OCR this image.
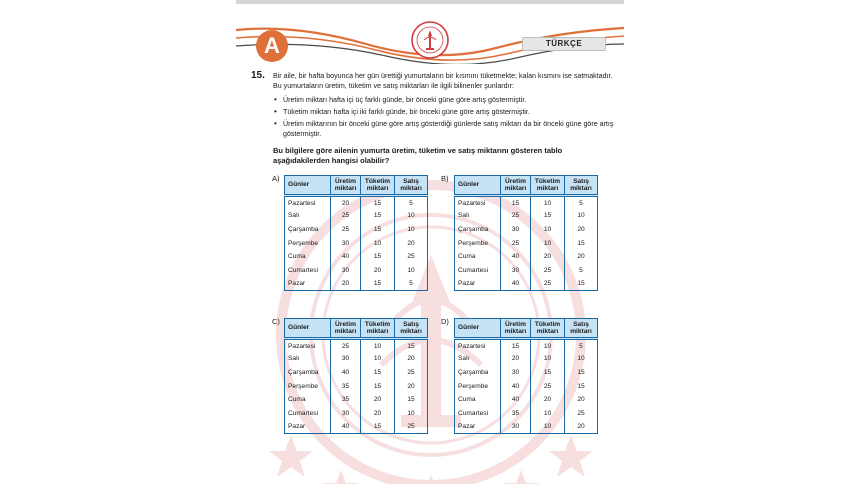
A	TÜRKÇE
15. Bir aile, bir hafta boyunca her gün ürettiği yumurtaların bir kısmını tüketmekte; kalan kısmını ise satmaktadır. Bu yumurtaların üretim, tüketim ve satış miktarları ile ilgili bilinenler şunlardır:

• Üretim miktarı hafta içi üç farklı günde, bir önceki güne göre artış göstermiştir.
• Tüketim miktarı hafta içi iki farklı günde, bir önceki güne göre artış göstermiştir.
• Üretim miktarının bir önceki güne göre artış gösterdiği günlerde satış miktarı da bir önceki güne göre artış göstermiştir.

Bu bilgilere göre ailenin yumurta üretim, tüketim ve satış miktarını gösteren tablo aşağıdakilerden hangisi olabilir?

A)
Günler	Üretim miktarı	Tüketim miktarı	Satış miktarı
Pazartesi	20	15	5
Salı	25	15	10
Çarşamba	25	15	10
Perşembe	30	10	20
Cuma	40	15	25
Cumartesi	30	20	10
Pazar	20	15	5
B)
Günler	Üretim miktarı	Tüketim miktarı	Satış miktarı
Pazartesi	15	10	5
Salı	25	15	10
Çarşamba	30	10	20
Perşembe	25	10	15
Cuma	40	20	20
Cumartesi	30	25	5
Pazar	40	25	15
C)
Günler	Üretim miktarı	Tüketim miktarı	Satış miktarı
Pazartesi	25	10	15
Salı	30	10	20
Çarşamba	40	15	25
Perşembe	35	15	20
Cuma	35	20	15
Cumartesi	30	20	10
Pazar	40	15	25
D)
Günler	Üretim miktarı	Tüketim miktarı	Satış miktarı
Pazartesi	15	10	5
Salı	20	10	10
Çarşamba	30	15	15
Perşembe	40	25	15
Cuma	40	20	20
Cumartesi	35	10	25
Pazar	30	10	20
